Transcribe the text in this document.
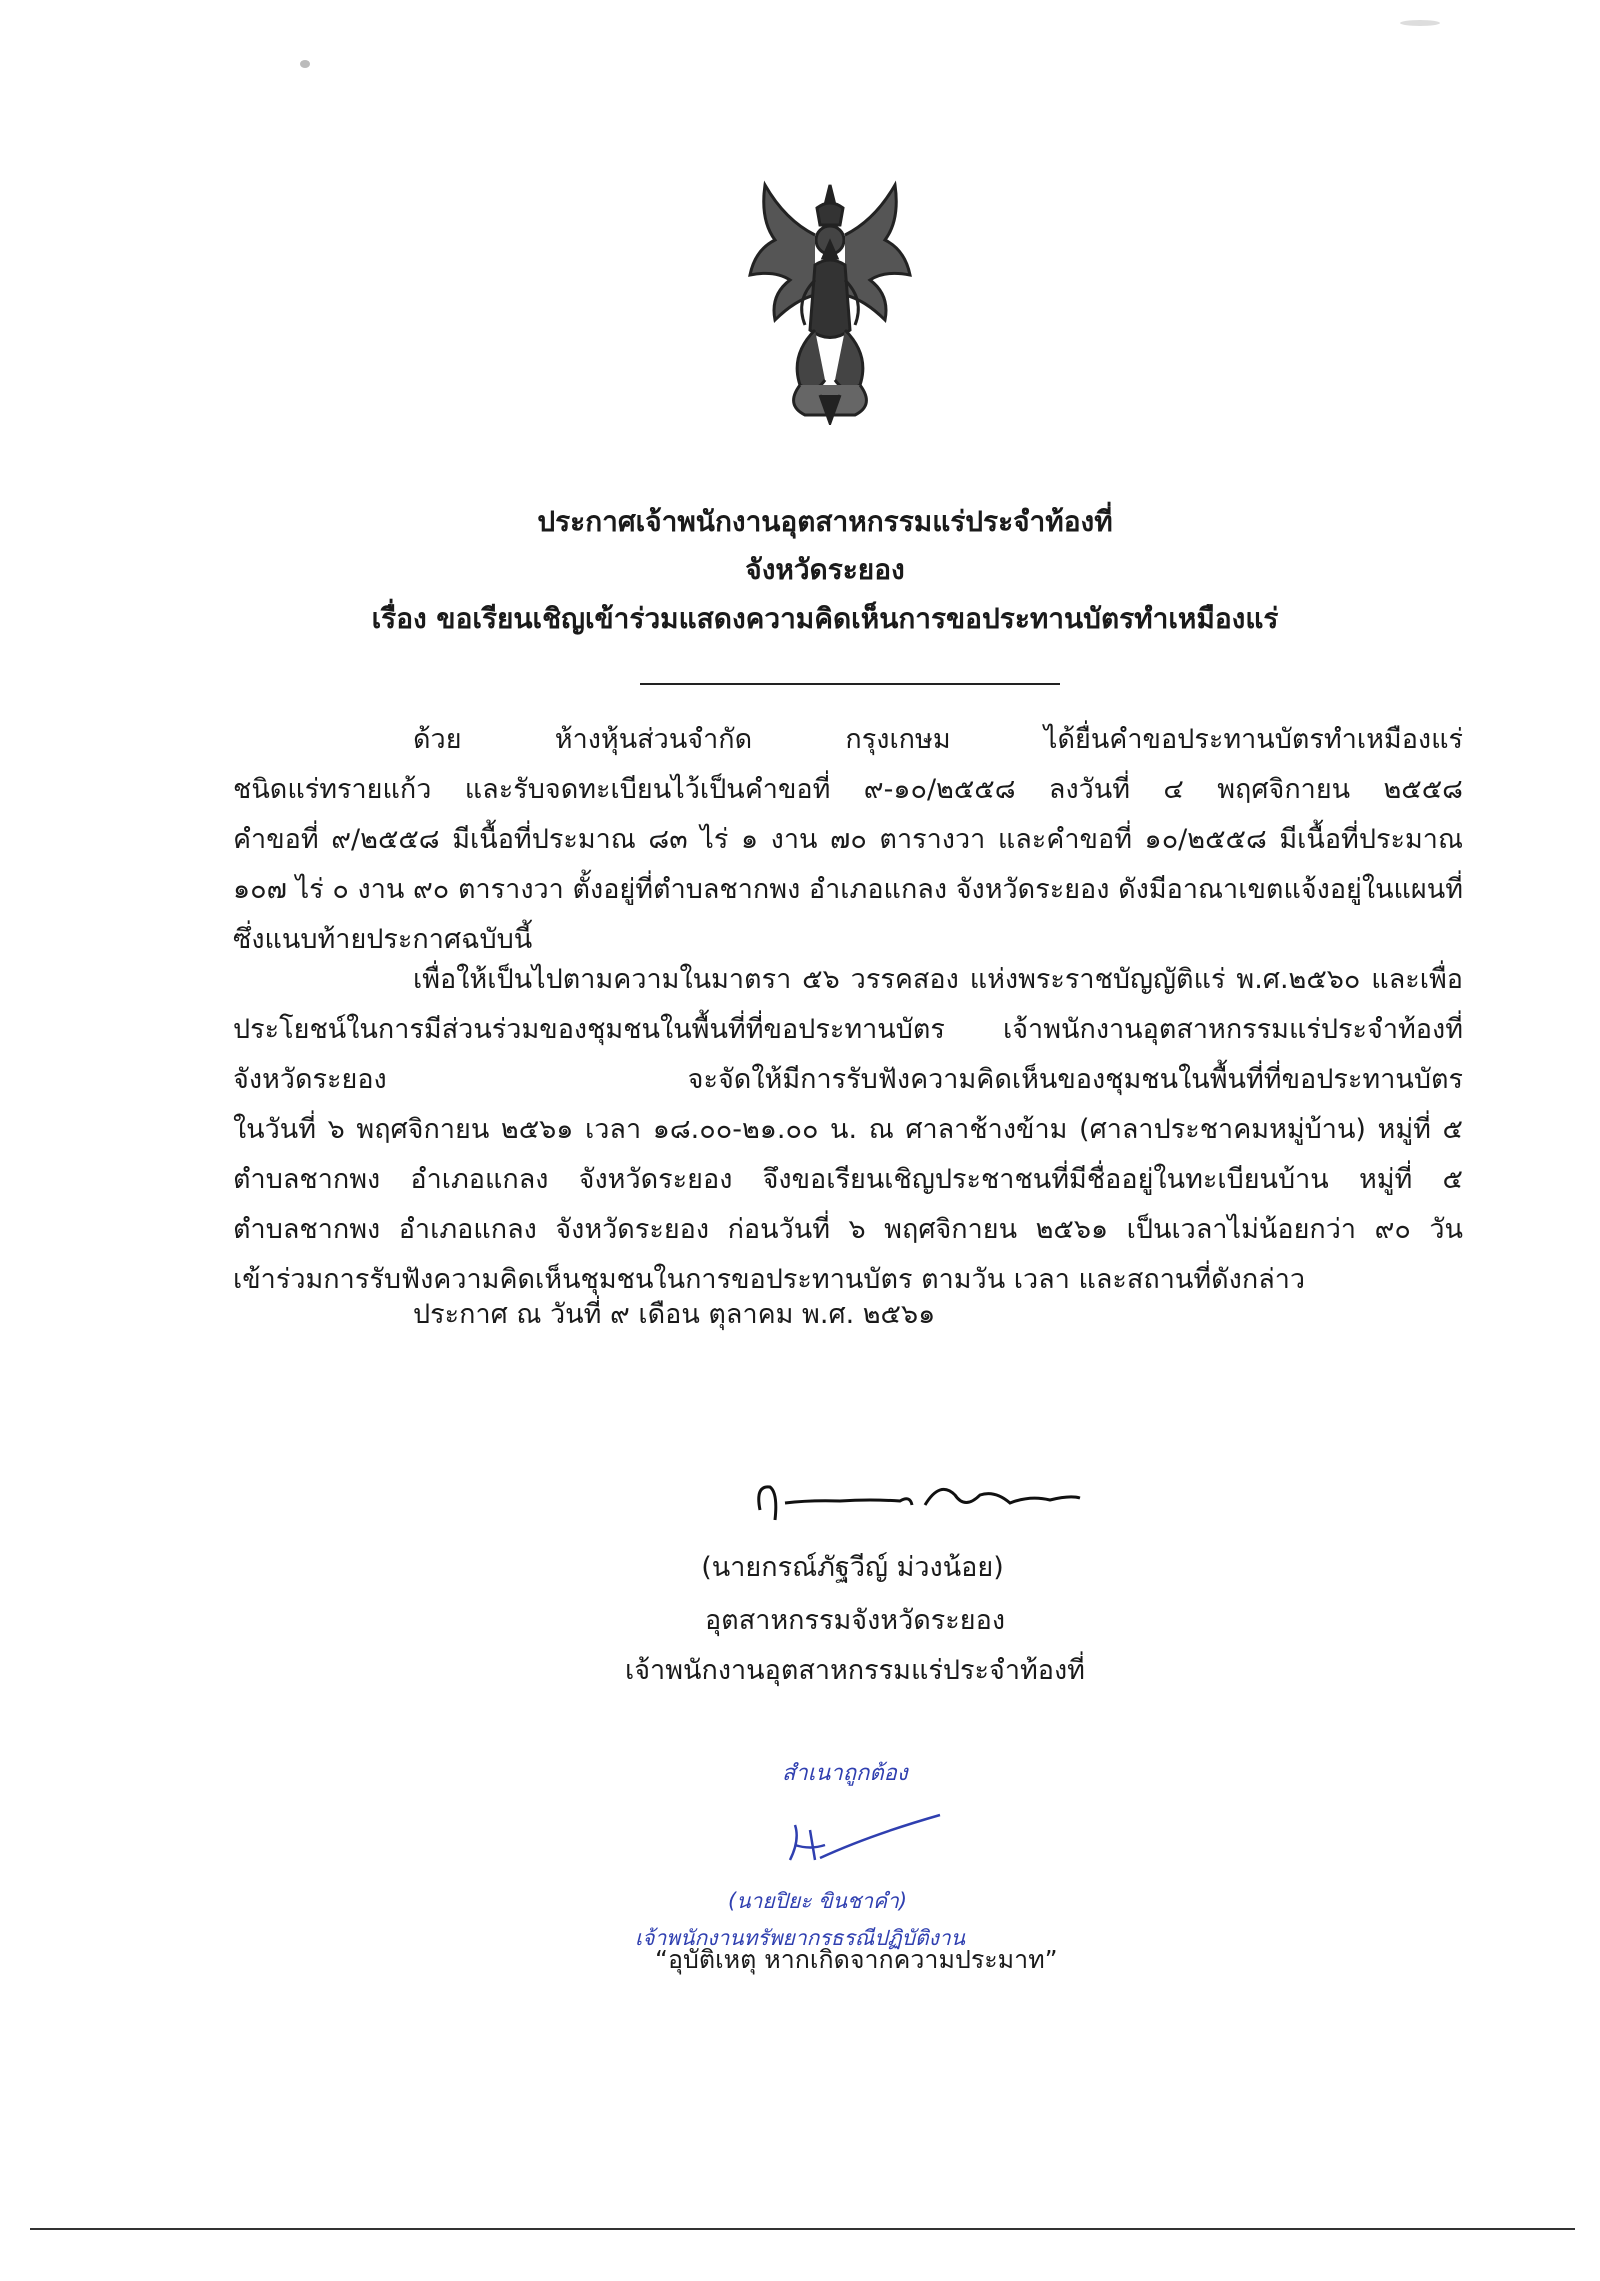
ประกาศเจ้าพนักงานอุตสาหกรรมแร่ประจำท้องที่
จังหวัดระยอง
เรื่อง ขอเรียนเชิญเข้าร่วมแสดงความคิดเห็นการขอประทานบัตรทำเหมืองแร่
ด้วย ห้างหุ้นส่วนจำกัด กรุงเกษม ได้ยื่นคำขอประทานบัตรทำเหมืองแร่
ชนิดแร่ทรายแก้ว และรับจดทะเบียนไว้เป็นคำขอที่ ๙-๑๐/๒๕๕๘ ลงวันที่ ๔ พฤศจิกายน ๒๕๕๘
คำขอที่ ๙/๒๕๕๘ มีเนื้อที่ประมาณ ๘๓ ไร่ ๑ งาน ๗๐ ตารางวา และคำขอที่ ๑๐/๒๕๕๘ มีเนื้อที่ประมาณ
๑๐๗ ไร่ ๐ งาน ๙๐ ตารางวา ตั้งอยู่ที่ตำบลชากพง อำเภอแกลง จังหวัดระยอง ดังมีอาณาเขตแจ้งอยู่ในแผนที่
ซึ่งแนบท้ายประกาศฉบับนี้
เพื่อให้เป็นไปตามความในมาตรา ๕๖ วรรคสอง แห่งพระราชบัญญัติแร่ พ.ศ.๒๕๖๐ และเพื่อ
ประโยชน์ในการมีส่วนร่วมของชุมชนในพื้นที่ที่ขอประทานบัตร เจ้าพนักงานอุตสาหกรรมแร่ประจำท้องที่
จังหวัดระยอง จะจัดให้มีการรับฟังความคิดเห็นของชุมชนในพื้นที่ที่ขอประทานบัตร
ในวันที่ ๖ พฤศจิกายน ๒๕๖๑ เวลา ๑๘.๐๐-๒๑.๐๐ น. ณ ศาลาช้างข้าม (ศาลาประชาคมหมู่บ้าน) หมู่ที่ ๕
ตำบลชากพง อำเภอแกลง จังหวัดระยอง จึงขอเรียนเชิญประชาชนที่มีชื่ออยู่ในทะเบียนบ้าน หมู่ที่ ๕
ตำบลชากพง อำเภอแกลง จังหวัดระยอง ก่อนวันที่ ๖ พฤศจิกายน ๒๕๖๑ เป็นเวลาไม่น้อยกว่า ๙๐ วัน
เข้าร่วมการรับฟังความคิดเห็นชุมชนในการขอประทานบัตร ตามวัน เวลา และสถานที่ดังกล่าว
ประกาศ ณ วันที่ ๙ เดือน ตุลาคม พ.ศ. ๒๕๖๑
(นายกรณ์ภัฐวีญ์ ม่วงน้อย)
อุตสาหกรรมจังหวัดระยอง
เจ้าพนักงานอุตสาหกรรมแร่ประจำท้องที่
สำเนาถูกต้อง
(นายปิยะ ขินชาคำ)
“อุบัติเหตุ หากเกิดจากความประมาท”
เจ้าพนักงานทรัพยากรธรณีปฏิบัติงาน
